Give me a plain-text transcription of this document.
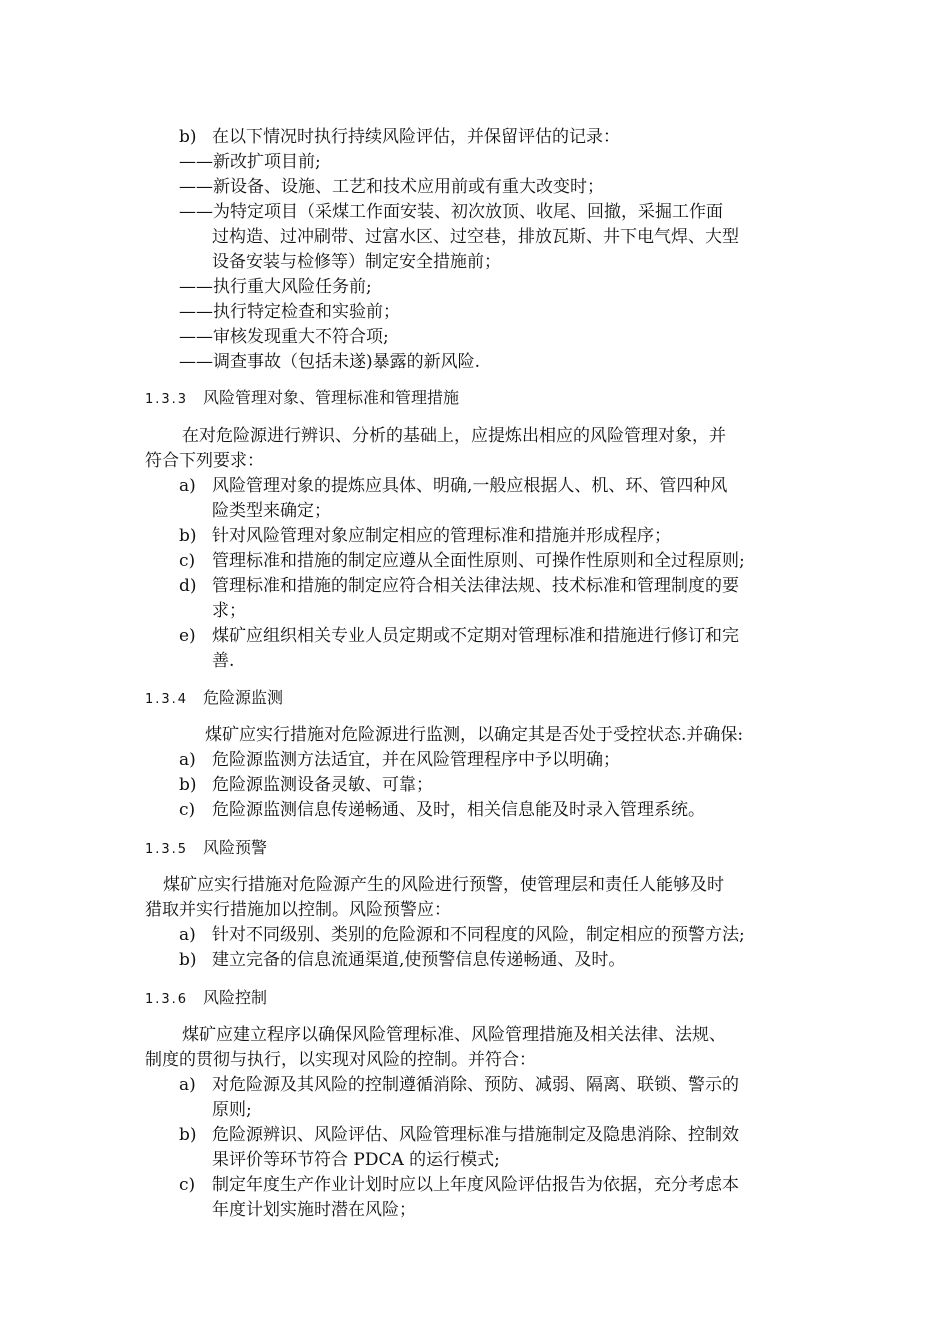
b) 在以下情况时执行持续风险评估，并保留评估的记录：
——新改扩项目前;
——新设备、设施、工艺和技术应用前或有重大改变时；
——为特定项目（采煤工作面安装、初次放顶、收尾、回撤，采掘工作面
过构造、过冲刷带、过富水区、过空巷，排放瓦斯、井下电气焊、大型
设备安装与检修等）制定安全措施前；
——执行重大风险任务前;
——执行特定检查和实验前；
——审核发现重大不符合项;
——调查事故（包括未遂)暴露的新风险.
1.3.3 风险管理对象、管理标准和管理措施
在对危险源进行辨识、分析的基础上，应提炼出相应的风险管理对象，并
符合下列要求：
a) 风险管理对象的提炼应具体、明确,一般应根据人、机、环、管四种风
险类型来确定；
b) 针对风险管理对象应制定相应的管理标准和措施并形成程序；
c) 管理标准和措施的制定应遵从全面性原则、可操作性原则和全过程原则;
d) 管理标准和措施的制定应符合相关法律法规、技术标准和管理制度的要
求；
e) 煤矿应组织相关专业人员定期或不定期对管理标准和措施进行修订和完
善.
1.3.4 危险源监测
煤矿应实行措施对危险源进行监测，以确定其是否处于受控状态.并确保:
a) 危险源监测方法适宜，并在风险管理程序中予以明确；
b) 危险源监测设备灵敏、可靠；
c) 危险源监测信息传递畅通、及时，相关信息能及时录入管理系统。
1.3.5 风险预警
煤矿应实行措施对危险源产生的风险进行预警，使管理层和责任人能够及时
猎取并实行措施加以控制。风险预警应：
a) 针对不同级别、类别的危险源和不同程度的风险，制定相应的预警方法;
b) 建立完备的信息流通渠道,使预警信息传递畅通、及时。
1.3.6 风险控制
煤矿应建立程序以确保风险管理标准、风险管理措施及相关法律、法规、
制度的贯彻与执行，以实现对风险的控制。并符合：
a) 对危险源及其风险的控制遵循消除、预防、减弱、隔离、联锁、警示的
原则;
b) 危险源辨识、风险评估、风险管理标准与措施制定及隐患消除、控制效
果评价等环节符合 PDCA 的运行模式;
c) 制定年度生产作业计划时应以上年度风险评估报告为依据，充分考虑本
年度计划实施时潜在风险；
